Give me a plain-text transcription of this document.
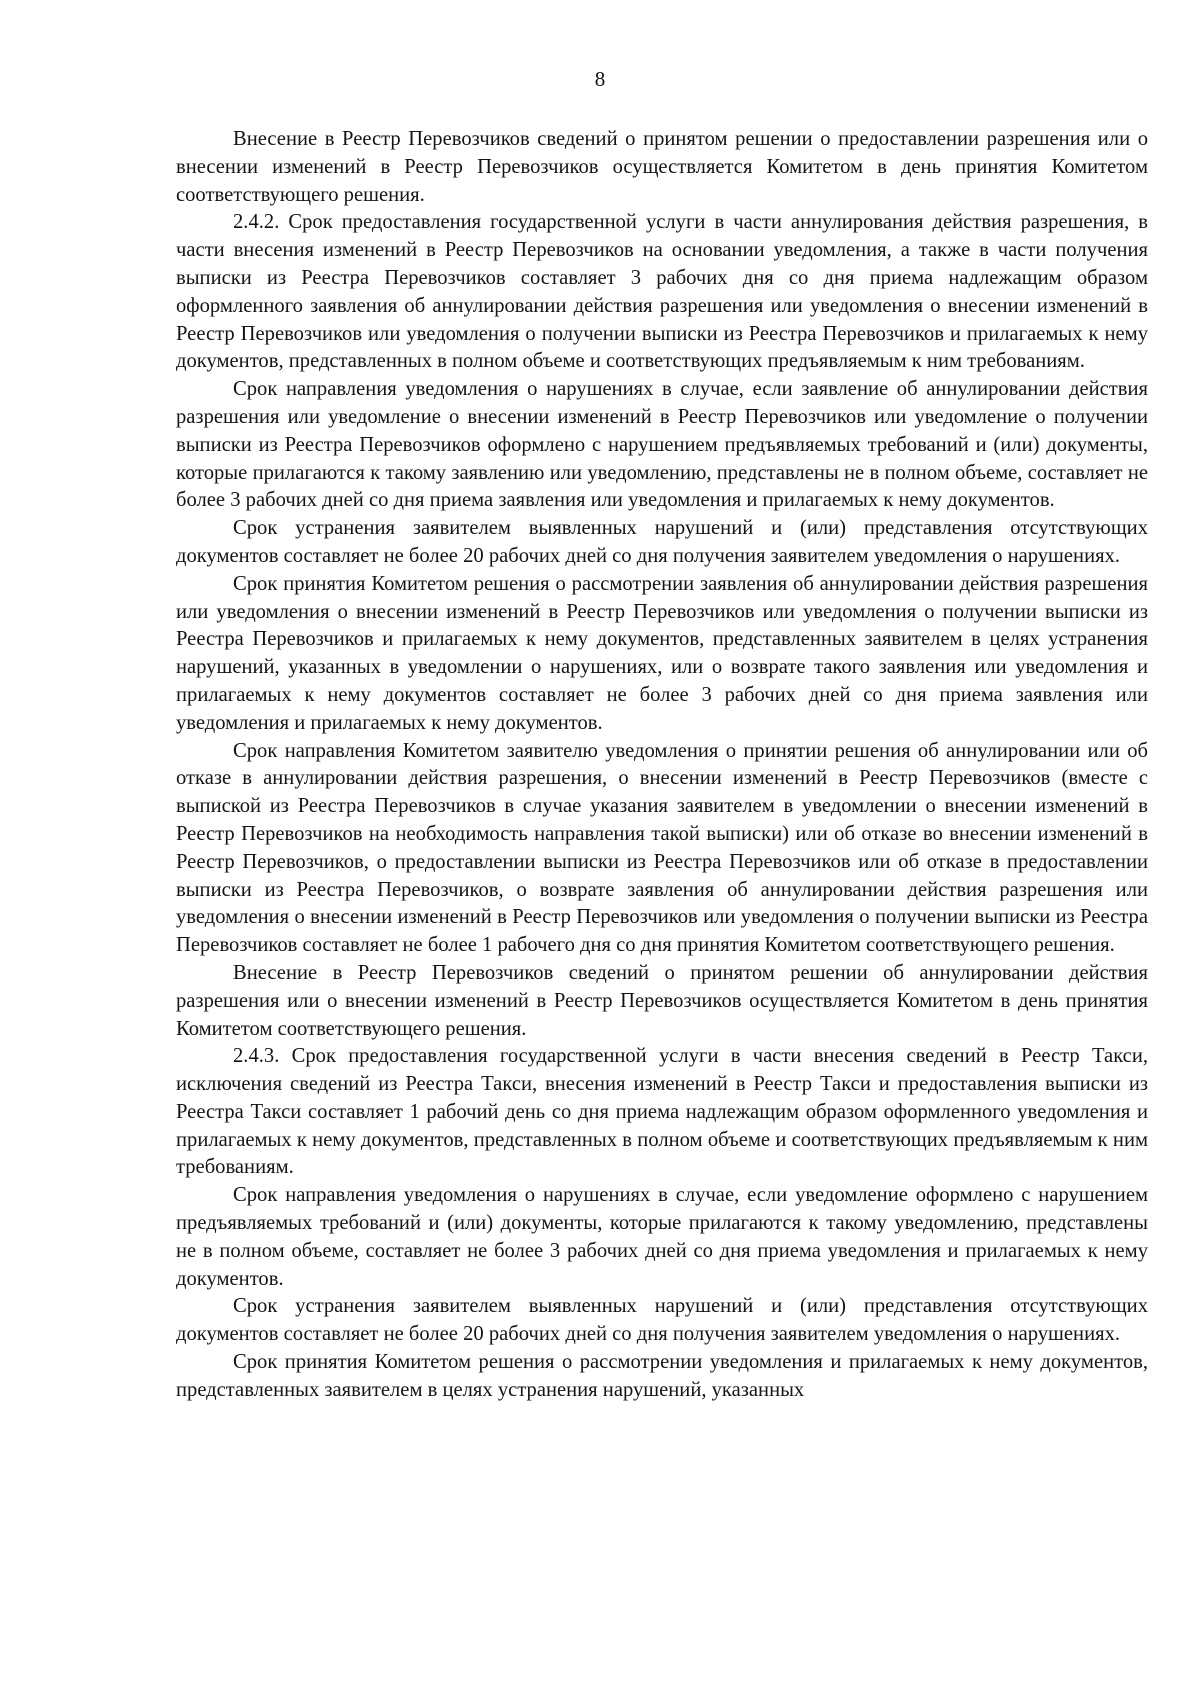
8

Внесение в Реестр Перевозчиков сведений о принятом решении о предоставлении разрешения или о внесении изменений в Реестр Перевозчиков осуществляется Комитетом в день принятия Комитетом соответствующего решения.

2.4.2. Срок предоставления государственной услуги в части аннулирования действия разрешения, в части внесения изменений в Реестр Перевозчиков на основании уведомления, а также в части получения выписки из Реестра Перевозчиков составляет 3 рабочих дня со дня приема надлежащим образом оформленного заявления об аннулировании действия разрешения или уведомления о внесении изменений в Реестр Перевозчиков или уведомления о получении выписки из Реестра Перевозчиков и прилагаемых к нему документов, представленных в полном объеме и соответствующих предъявляемым к ним требованиям.

Срок направления уведомления о нарушениях в случае, если заявление об аннулировании действия разрешения или уведомление о внесении изменений в Реестр Перевозчиков или уведомление о получении выписки из Реестра Перевозчиков оформлено с нарушением предъявляемых требований и (или) документы, которые прилагаются к такому заявлению или уведомлению, представлены не в полном объеме, составляет не более 3 рабочих дней со дня приема заявления или уведомления и прилагаемых к нему документов.

Срок устранения заявителем выявленных нарушений и (или) представления отсутствующих документов составляет не более 20 рабочих дней со дня получения заявителем уведомления о нарушениях.

Срок принятия Комитетом решения о рассмотрении заявления об аннулировании действия разрешения или уведомления о внесении изменений в Реестр Перевозчиков или уведомления о получении выписки из Реестра Перевозчиков и прилагаемых к нему документов, представленных заявителем в целях устранения нарушений, указанных в уведомлении о нарушениях, или о возврате такого заявления или уведомления и прилагаемых к нему документов составляет не более 3 рабочих дней со дня приема заявления или уведомления и прилагаемых к нему документов.

Срок направления Комитетом заявителю уведомления о принятии решения об аннулировании или об отказе в аннулировании действия разрешения, о внесении изменений в Реестр Перевозчиков (вместе с выпиской из Реестра Перевозчиков в случае указания заявителем в уведомлении о внесении изменений в Реестр Перевозчиков на необходимость направления такой выписки) или об отказе во внесении изменений в Реестр Перевозчиков, о предоставлении выписки из Реестра Перевозчиков или об отказе в предоставлении выписки из Реестра Перевозчиков, о возврате заявления об аннулировании действия разрешения или уведомления о внесении изменений в Реестр Перевозчиков или уведомления о получении выписки из Реестра Перевозчиков составляет не более 1 рабочего дня со дня принятия Комитетом соответствующего решения.

Внесение в Реестр Перевозчиков сведений о принятом решении об аннулировании действия разрешения или о внесении изменений в Реестр Перевозчиков осуществляется Комитетом в день принятия Комитетом соответствующего решения.

2.4.3. Срок предоставления государственной услуги в части внесения сведений в Реестр Такси, исключения сведений из Реестра Такси, внесения изменений в Реестр Такси и предоставления выписки из Реестра Такси составляет 1 рабочий день со дня приема надлежащим образом оформленного уведомления и прилагаемых к нему документов, представленных в полном объеме и соответствующих предъявляемым к ним требованиям.

Срок направления уведомления о нарушениях в случае, если уведомление оформлено с нарушением предъявляемых требований и (или) документы, которые прилагаются к такому уведомлению, представлены не в полном объеме, составляет не более 3 рабочих дней со дня приема уведомления и прилагаемых к нему документов.

Срок устранения заявителем выявленных нарушений и (или) представления отсутствующих документов составляет не более 20 рабочих дней со дня получения заявителем уведомления о нарушениях.

Срок принятия Комитетом решения о рассмотрении уведомления и прилагаемых к нему документов, представленных заявителем в целях устранения нарушений, указанных
